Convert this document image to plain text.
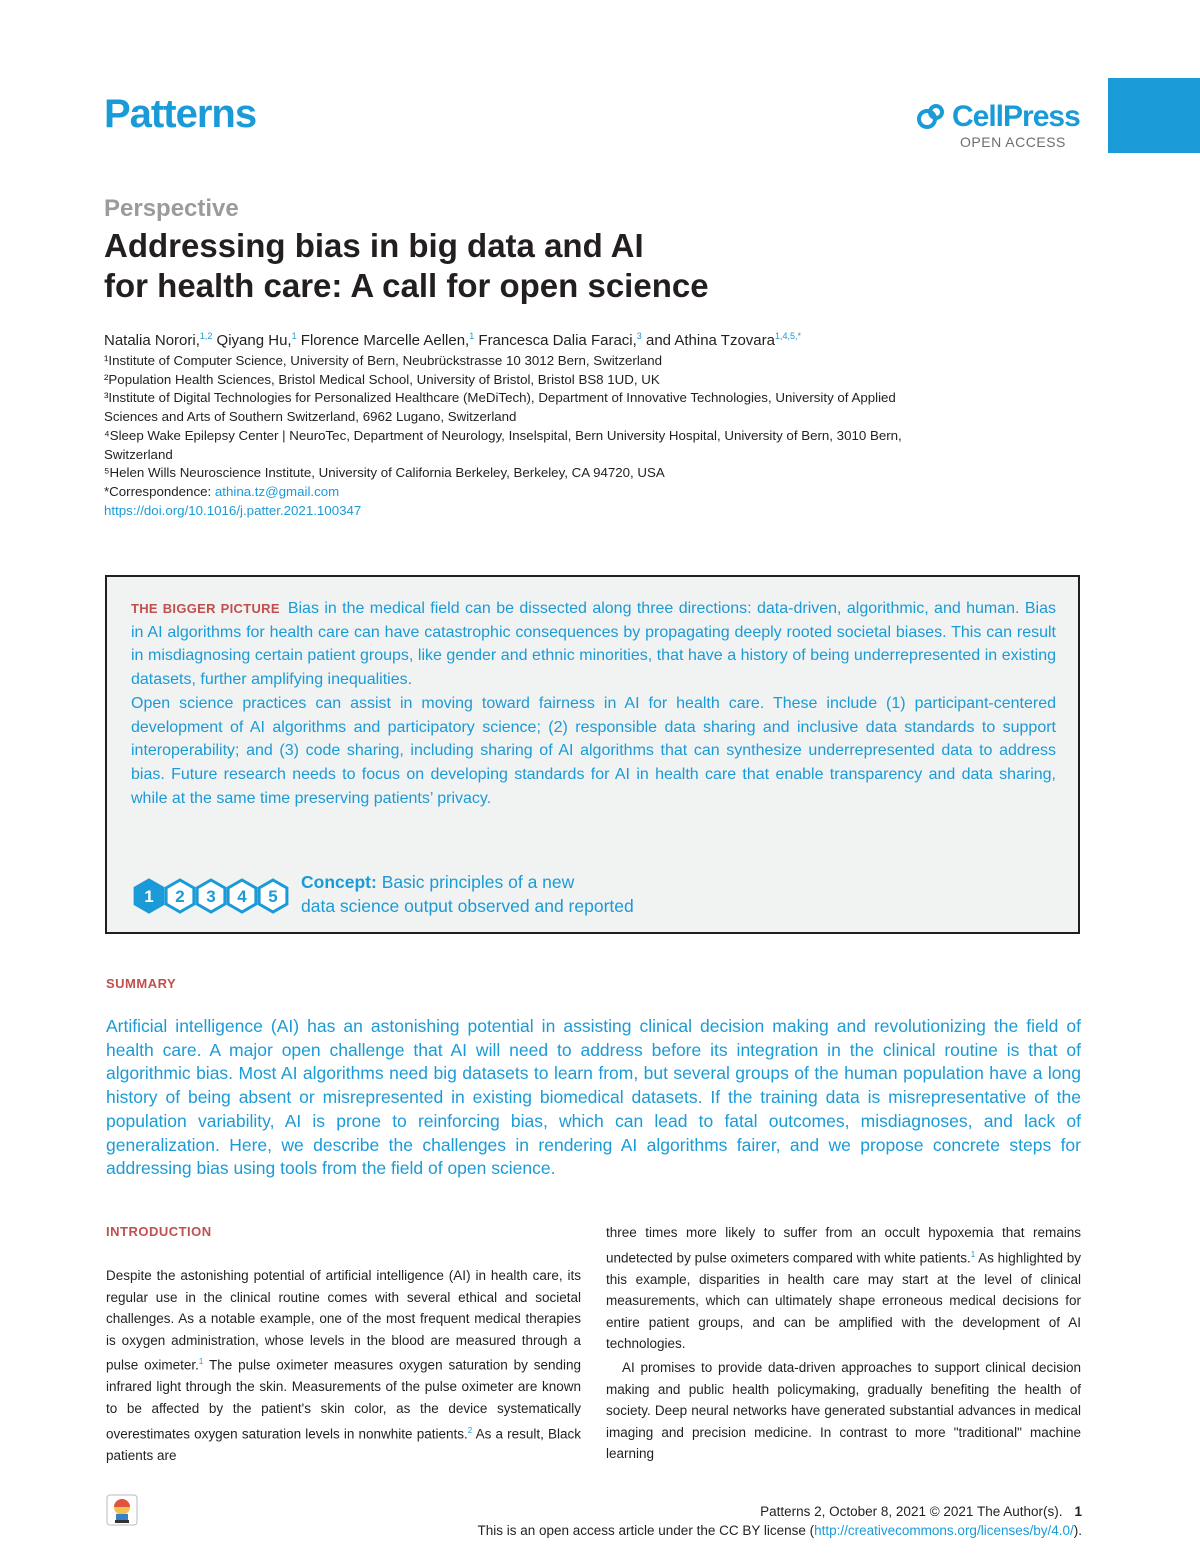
Patterns	CellPress
OPEN ACCESS
Perspective
Addressing bias in big data and AI
for health care: A call for open science
Natalia Norori,$^{1,2}$ Qiyang Hu,$^1$ Florence Marcelle Aellen,$^1$ Francesca Dalia Faraci,$^3$ and Athina Tzovara$^{1,4,5,*}$
¹Institute of Computer Science, University of Bern, Neubrückstrasse 10 3012 Bern, Switzerland
²Population Health Sciences, Bristol Medical School, University of Bristol, Bristol BS8 1UD, UK
³Institute of Digital Technologies for Personalized Healthcare (MeDiTech), Department of Innovative Technologies, University of Applied
Sciences and Arts of Southern Switzerland, 6962 Lugano, Switzerland
⁴Sleep Wake Epilepsy Center | NeuroTec, Department of Neurology, Inselspital, Bern University Hospital, University of Bern, 3010 Bern,
Switzerland
⁵Helen Wills Neuroscience Institute, University of California Berkeley, Berkeley, CA 94720, USA
*Correspondence: athina.tz@gmail.com
https://doi.org/10.1016/j.patter.2021.100347
THE BIGGER PICTURE Bias in the medical field can be dissected along three directions: data-driven, algorithmic, and human. Bias in AI algorithms for health care can have catastrophic consequences by propagating deeply rooted societal biases. This can result in misdiagnosing certain patient groups, like gender and ethnic minorities, that have a history of being underrepresented in existing datasets, further amplifying inequalities.
Open science practices can assist in moving toward fairness in AI for health care. These include (1) participant-centered development of AI algorithms and participatory science; (2) responsible data sharing and inclusive data standards to support interoperability; and (3) code sharing, including sharing of AI algorithms that can synthesize underrepresented data to address bias. Future research needs to focus on developing standards for AI in health care that enable transparency and data sharing, while at the same time preserving patients’ privacy.
1 2 3 4 5
Concept: Basic principles of a new
data science output observed and reported
SUMMARY
Artificial intelligence (AI) has an astonishing potential in assisting clinical decision making and revolutionizing the field of health care. A major open challenge that AI will need to address before its integration in the clinical routine is that of algorithmic bias. Most AI algorithms need big datasets to learn from, but several groups of the human population have a long history of being absent or misrepresented in existing biomedical datasets. If the training data is misrepresentative of the population variability, AI is prone to reinforcing bias, which can lead to fatal outcomes, misdiagnoses, and lack of generalization. Here, we describe the challenges in rendering AI algorithms fairer, and we propose concrete steps for addressing bias using tools from the field of open science.
INTRODUCTION

Despite the astonishing potential of artificial intelligence (AI) in health care, its regular use in the clinical routine comes with several ethical and societal challenges. As a notable example, one of the most frequent medical therapies is oxygen administration, whose levels in the blood are measured through a pulse oximeter.$^1$ The pulse oximeter measures oxygen saturation by sending infrared light through the skin. Measurements of the pulse oximeter are known to be affected by the patient's skin color, as the device systematically overestimates oxygen saturation levels in nonwhite patients.$^2$ As a result, Black patients are

three times more likely to suffer from an occult hypoxemia that remains undetected by pulse oximeters compared with white patients.$^1$ As highlighted by this example, disparities in health care may start at the level of clinical measurements, which can ultimately shape erroneous medical decisions for entire patient groups, and can be amplified with the development of AI technologies.

AI promises to provide data-driven approaches to support clinical decision making and public health policymaking, gradually benefiting the health of society. Deep neural networks have generated substantial advances in medical imaging and precision medicine. In contrast to more "traditional" machine learning

Patterns 2, October 8, 2021 © 2021 The Author(s). 1
This is an open access article under the CC BY license (http://creativecommons.org/licenses/by/4.0/).
